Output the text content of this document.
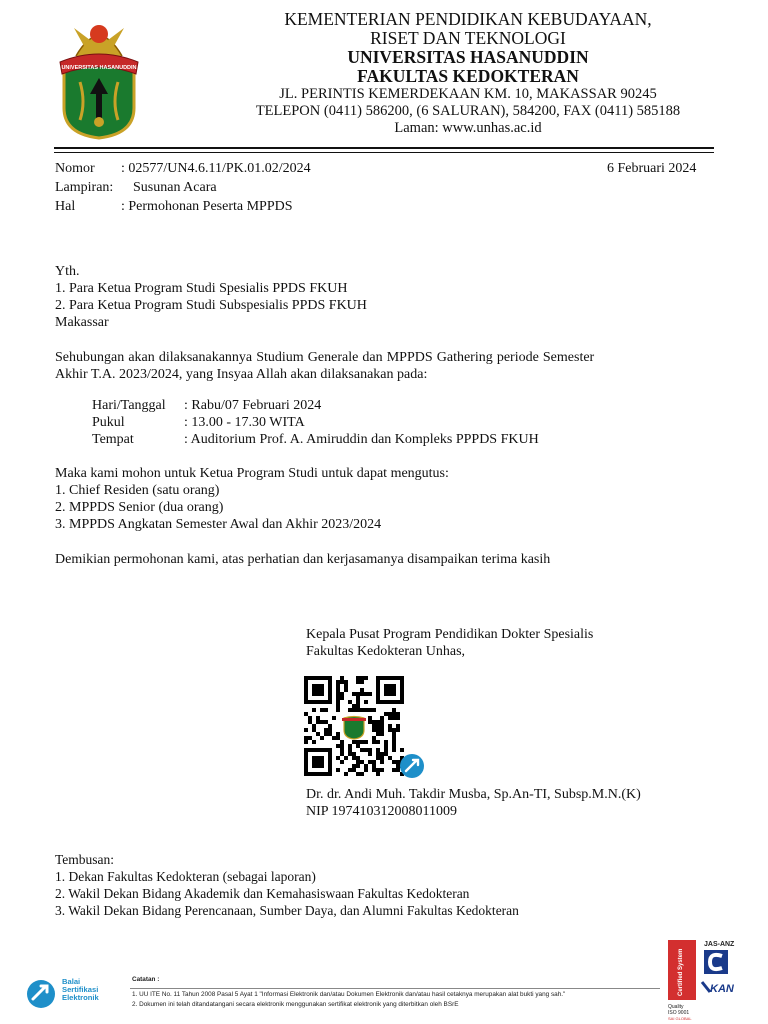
UNIVERSITAS HASANUDDIN
KEMENTERIAN PENDIDIKAN KEBUDAYAAN,
RISET DAN TEKNOLOGI
UNIVERSITAS HASANUDDIN
FAKULTAS KEDOKTERAN
JL. PERINTIS KEMERDEKAAN KM. 10, MAKASSAR 90245
TELEPON (0411) 586200, (6 SALURAN), 584200, FAX (0411) 585188
Laman: www.unhas.ac.id
Nomor : 02577/UN4.6.11/PK.01.02/2024	6 Februari 2024
Lampiran: Susunan Acara
Hal	: Permohonan Peserta MPPDS
Yth.
1. Para Ketua Program Studi Spesialis PPDS FKUH
2. Para Ketua Program Studi Subspesialis PPDS FKUH
Makassar
Sehubungan akan dilaksanakannya Studium Generale dan MPPDS Gathering periode Semester
Akhir T.A. 2023/2024, yang Insyaa Allah akan dilaksanakan pada:
Hari/Tanggal : Rabu/07 Februari 2024
Pukul	: 13.00 - 17.30 WITA
Tempat	: Auditorium Prof. A. Amiruddin dan Kompleks PPPDS FKUH
Maka kami mohon untuk Ketua Program Studi untuk dapat mengutus:
1. Chief Residen (satu orang)
2. MPPDS Senior (dua orang)
3. MPPDS Angkatan Semester Awal dan Akhir 2023/2024
Demikian permohonan kami, atas perhatian dan kerjasamanya disampaikan terima kasih
Kepala Pusat Program Pendidikan Dokter Spesialis
Fakultas Kedokteran Unhas,
Dr. dr. Andi Muh. Takdir Musba, Sp.An-TI, Subsp.M.N.(K)
NIP 197410312008011009
Tembusan:
1. Dekan Fakultas Kedokteran (sebagai laporan)
2. Wakil Dekan Bidang Akademik dan Kemahasiswaan Fakultas Kedokteran
3. Wakil Dekan Bidang Perencanaan, Sumber Daya, dan Alumni Fakultas Kedokteran
Balai
Sertifikasi
Elektronik
Catatan :
1. UU ITE No. 11 Tahun 2008 Pasal 5 Ayat 1 "Informasi Elektronik dan/atau Dokumen Elektronik dan/atau hasil cetaknya merupakan alat bukti yang sah."
2. Dokumen ini telah ditandatangani secara elektronik menggunakan sertifikat elektronik yang diterbitkan oleh BSrE
Certified System
Quality
ISO 9001
SAI GLOBAL
JAS-ANZ
KAN
